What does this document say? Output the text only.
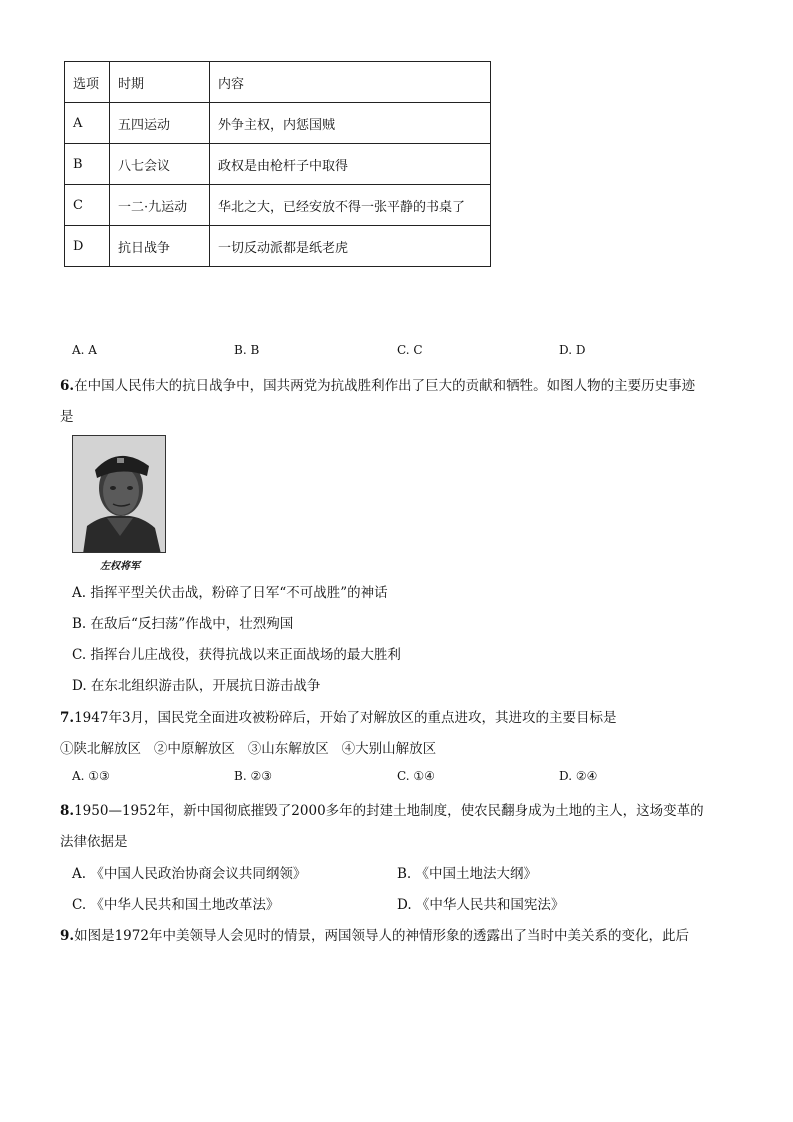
选项	时期	内容
A	五四运动	外争主权，内惩国贼
B	八七会议	政权是由枪杆子中取得
C	一二·九运动	华北之大，已经安放不得一张平静的书桌了
D	抗日战争	一切反动派都是纸老虎
A. A	B. B	C. C	D. D
6.在中国人民伟大的抗日战争中，国共两党为抗战胜利作出了巨大的贡献和牺牲。如图人物的主要历史事迹
是
左权将军
A. 指挥平型关伏击战，粉碎了日军“不可战胜”的神话
B. 在敌后“反扫荡”作战中，壮烈殉国
C. 指挥台儿庄战役，获得抗战以来正面战场的最大胜利
D. 在东北组织游击队，开展抗日游击战争
7.1947年3月，国民党全面进攻被粉碎后，开始了对解放区的重点进攻，其进攻的主要目标是
①陕北解放区   ②中原解放区   ③山东解放区   ④大别山解放区
A. ①③	B. ②③	C. ①④	D. ②④
8.1950—1952年，新中国彻底摧毁了2000多年的封建土地制度，使农民翻身成为土地的主人，这场变革的
法律依据是
A. 《中国人民政治协商会议共同纲领》	B. 《中国土地法大纲》
C. 《中华人民共和国土地改革法》	D. 《中华人民共和国宪法》
9.如图是1972年中美领导人会见时的情景，两国领导人的神情形象的透露出了当时中美关系的变化，此后
